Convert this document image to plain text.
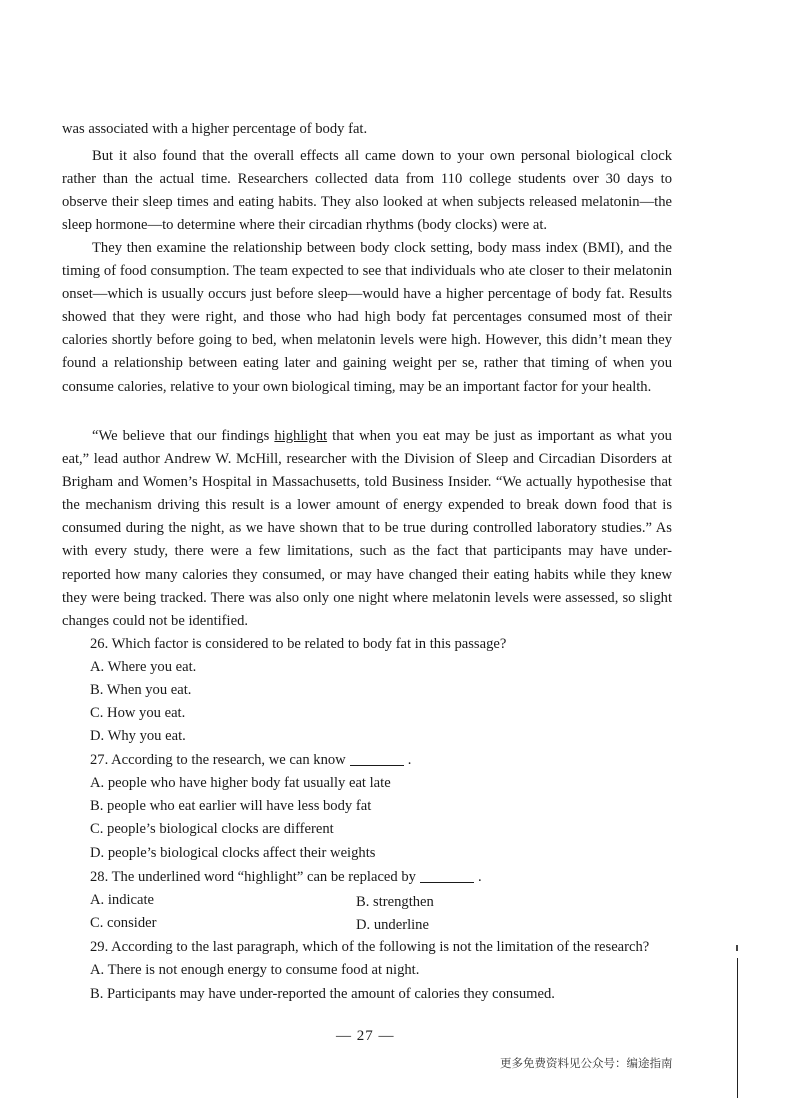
was associated with a higher percentage of body fat.

But it also found that the overall effects all came down to your own personal biological clock rather than the actual time. Researchers collected data from 110 college students over 30 days to observe their sleep times and eating habits. They also looked at when subjects released melatonin—the sleep hormone—to determine where their circadian rhythms (body clocks) were at.

They then examine the relationship between body clock setting, body mass index (BMI), and the timing of food consumption. The team expected to see that individuals who ate closer to their melatonin onset—which is usually occurs just before sleep—would have a higher percentage of body fat. Results showed that they were right, and those who had high body fat percentages consumed most of their calories shortly before going to bed, when melatonin levels were high. However, this didn’t mean they found a relationship between eating later and gaining weight per se, rather that timing of when you consume calories, relative to your own biological timing, may be an important factor for your health.

“We believe that our findings highlight that when you eat may be just as important as what you eat,” lead author Andrew W. McHill, researcher with the Division of Sleep and Circadian Disorders at Brigham and Women’s Hospital in Massachusetts, told Business Insider. “We actually hypothesise that the mechanism driving this result is a lower amount of energy expended to break down food that is consumed during the night, as we have shown that to be true during controlled laboratory studies.” As with every study, there were a few limitations, such as the fact that participants may have under-reported how many calories they consumed, or may have changed their eating habits while they knew they were being tracked. There was also only one night where melatonin levels were assessed, so slight changes could not be identified.

26. Which factor is considered to be related to body fat in this passage?
A. Where you eat.
B. When you eat.
C. How you eat.
D. Why you eat.
27. According to the research, we can know	.
A. people who have higher body fat usually eat late
B. people who eat earlier will have less body fat
C. people’s biological clocks are different
D. people’s biological clocks affect their weights
28. The underlined word “highlight” can be replaced by	.
A. indicate	B. strengthen
C. consider	D. underline
29. According to the last paragraph, which of the following is not the limitation of the research?
A. There is not enough energy to consume food at night.
B. Participants may have under-reported the amount of calories they consumed.
— 27 —
更多免费资料见公众号：编途指南
